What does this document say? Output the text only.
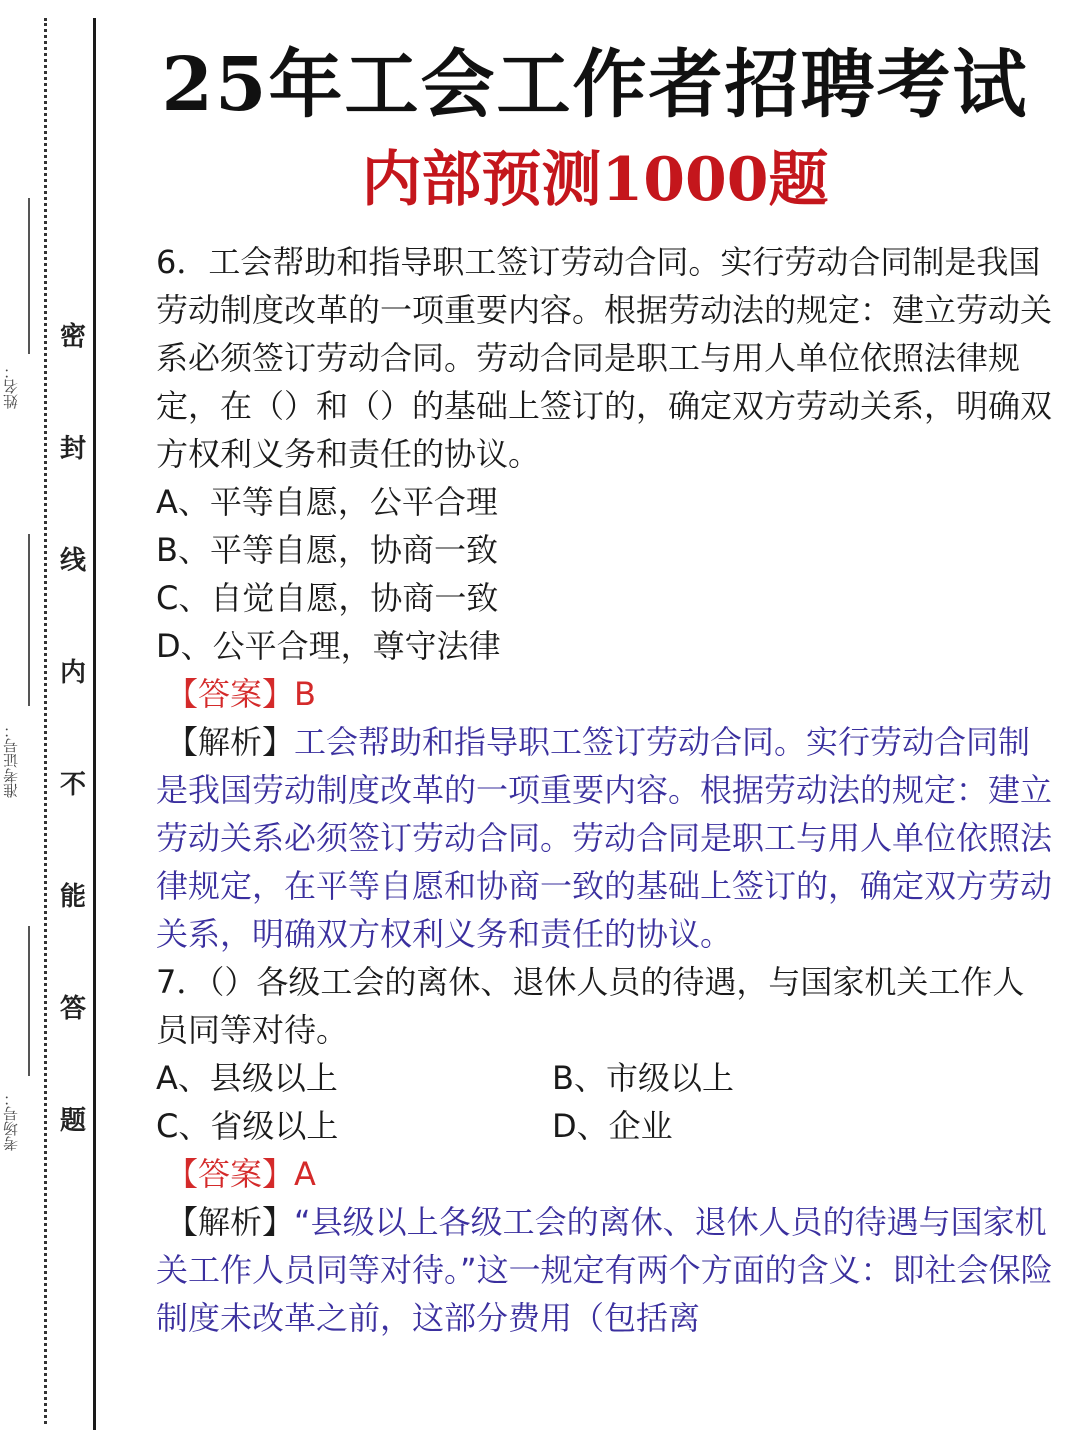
姓名：
准考证号：
考场号：
密
封
线
内
不
能
答
题
25年工会工作者招聘考试
内部预测1000题

6．工会帮助和指导职工签订劳动合同。实行劳动合同制是我国劳动制度改革的一项重要内容。根据劳动法的规定：建立劳动关系必须签订劳动合同。劳动合同是职工与用人单位依照法律规定，在（）和（）的基础上签订的，确定双方劳动关系，明确双方权利义务和责任的协议。

A、平等自愿，公平合理
B、平等自愿，协商一致
C、自觉自愿，协商一致
D、公平合理，尊守法律
【答案】B

【解析】工会帮助和指导职工签订劳动合同。实行劳动合同制是我国劳动制度改革的一项重要内容。根据劳动法的规定：建立劳动关系必须签订劳动合同。劳动合同是职工与用人单位依照法律规定，在平等自愿和协商一致的基础上签订的，确定双方劳动关系，明确双方权利义务和责任的协议。

7．（）各级工会的离休、退休人员的待遇，与国家机关工作人员同等对待。

A、县级以上	B、市级以上
C、省级以上	D、企业
【答案】A

【解析】“县级以上各级工会的离休、退休人员的待遇与国家机关工作人员同等对待。”这一规定有两个方面的含义：即社会保险制度未改革之前，这部分费用（包括离
